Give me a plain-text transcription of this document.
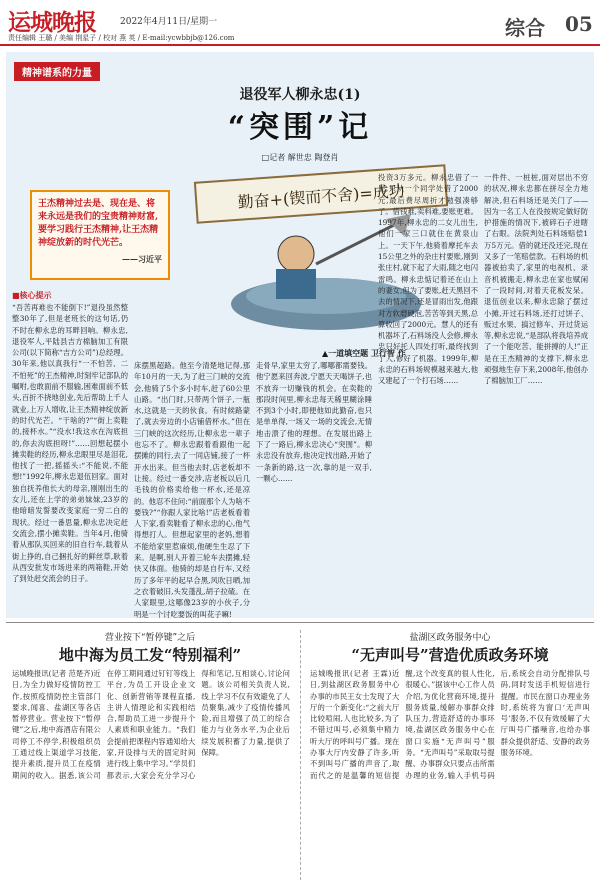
运城晚报	2022年4月11日/星期一	综合 05
责任编辑 王璐 / 美编 荆星子 / 校对 燕 英 / E-mail:ycwbbjb@126.com
精神谱系的力量
退役军人柳永忠(1)
“突围”记
□记者 解世忠 陶登肖
王杰精神过去是、现在是、将来永远是我们的宝贵精神财富,要学习践行王杰精神,让王杰精神绽放新的时代光芒。
——习近平
勤奋+(锲而不舍)=成功
▲一道填空题 卫行智 作
■核心提示
“吾苦再难也不能倒下!”退役虽然整整30年了,但是老班长的这句话,仍不时在柳永忠的耳畔回响。柳永忠,退役军人,平陆县吉方棉脑加工有限公司(以下简称“吉方公司”)总经理。30年来,他以真我行“一不怕苦、二不怕死”的王杰精神,时刻牢记部队的嘱咐,也敢面前不服输,困难面前不低头,百折不挠地创业,先后帮助上千人就业,上万人增收,让王杰精神绽放新的时代光芒。“干啥的?”“街上卖鞋的,接杯水。”“没水!我这水在沟底担的,你去沟底担呀!”……回想起摆小摊卖鞋的经历,柳永忠眼里尽是泪花,他找了一把,摇摇头:“不能说,不能想!”1992年,柳永忠退伍回家。面对独自抚养他长大的母亲,刚刚出生的女儿,还在上学的弟弟妹妹,23岁的他暗暗发誓要改变家庭一穷二白的现状。经过一番思量,柳永忠决定赶交流会,摆小摊卖鞋。当年4月,他骑着从那队买回来的旧自行车,载着从街上挣的,自己捆扎好的鲜丝草,耿着从西安批发市场进来的两箱鞋,开始了到处赶交流会的日子。
床摆黑超路。他至今清楚地记得,那年10月的一天,为了赶三门峡的交流会,他骑了5个多小时车,赶了60公里山路。“出门时,只带两个饼子,一瓶水,这就是一天的伙食。有时候路蒙了,就去旁边的小店铺借杯水。”但在三门峡的这次经历,让柳永忠一辈子也忘不了。柳永忠跟着看跟他一起摆摊的同行,去了一同店铺,接了一杯开水出来。但当他去时,店老板却不让接。经过一番交涉,店老板以后几毛钱的价格卖给他一杯水,还是凉的。他忍不住问:“前面那个人为啥不要钱?”“你跟人家比啥!”店老板看着人下家,看卖鞋看了柳永忠的心,他气得想打人。但想起家里的老妈,想着不能给家里惹麻烦,他硬生生忍了下来。是啊,别人开着三轮车去摆摊,轻快又体面。他骑的却是自行车,又经历了多年平的起早合黑,风吹日晒,加之衣着破旧,头发蓬乱,胡子拉碴。在人家眼里,这哪像23岁的小伙子,分明是一个讨吃要饭的叫花子嘛!
走骨早,家里太穷了,哪哪都需要钱。他宁愿来回奔波,宁愿天天喝饼子,也不放弃一切赚钱的机会。在卖鞋的那段时间里,柳永忠每天稀里糊涂睡不到3个小时,即便他如此勤奋,也只是单单得,一场又一场的交流会,无情地击溃了他的理想。在发展出路上下了一路后,柳永忠决心“突围”。柳永忠没有放弃,他决定找出路,开始了一条新的路,这一次,靠的是一双手,一颗心……
投资3万多元。柳永忠借了一屁,只从一个同学处借了2000元,最后费尽周折才勉强凑够了。借钱难,卖料难,要账更难。1997年,柳永忠的二女儿出生,他们一家三口就住在黄泉山上。一天下午,他骑着摩托车去15公里之外的杂庄村要账,刚到张庄村,就下起了大雨,随之电闪雷鸣。柳永忠惦记着还在山上的妻女,但为了要账,赶天黑回不去的情况下,还是冒雨出发,他跟对方软磨硬泡,苦苦等到天黑,总算收回了2000元。慧人的还有机器坏了,石料场没人会修,柳永忠只好托人四处打听,最终找到了人,修好了机器。1999年,柳永忠的石料场规模越来越大,他又建起了一个打石场……
一件件、一桩桩,面对层出不穷的状况,柳永忠都在拼尽全力地解决,但石料场还是关门了——因为一名工人在没按规定做好防护措施的情况下,被碎石子迸瞎了右眼。法院判处石料场赔偿1万5万元。借的就还没还完,现在又多了一笔赔偿款。石料场的机器被拍卖了,家里的电视机、录音机被搬走,柳永忠在家也赋闲了一段时间,对着天花板发呆。退伍创业以来,柳永忠除了摆过小摊,开过石料场,还打过饼子、贩过水果、搞过修车、开过货运等,柳永忠说,“是部队将我培养成了一个能吃苦、能拼搏的人!”正是在王杰精神的支撑下,柳永忠顽强地生存下来,2008年,他创办了棉脑加工厂……
营业按下“暂停键”之后
地中海为员工发“特别福利”
运城晚报讯(记者 范楚齐)近日,为全力做好疫情防控工作,按照疫情防控主管部门要求,闻喜、盐湖区等各店暂停营业。营业按下“暂停键”之后,地中海酒店有限公司停工不停学,积极组织员工通过线上渠道学习技能,提升素质,提升员工在疫情期间的收入。据悉,该公司在停工期间通过钉钉等线上平台,为员工开设企业文化、创新营销等课程直播,主讲人情理论和实践相结合,帮助员工进一步提升个人素质和职业能力。“我们会提前把课程内容通知给大家,开设排与天的固定时间进行线上集中学习。”学员们都表示,大家会充分学习心得和笔记,互相谈心,讨论问题。该公司相关负责人说,线上学习不仅有效避免了人员聚集,减少了疫情传播风险,而且增强了员工的综合能力与业务水平,为企业后续发展积蓄了力量,提供了保障。
盐湖区政务服务中心
“无声叫号”营造优质政务环境
运城晚报讯(记者 王霖)近日,到盐湖区政务服务中心办事的市民王女士发现了大厅的一个新变化:“之前大厅比较喧闹,人也比较多,为了不错过叫号,必须集中精力听大厅的呼叫号广播。现在办事大厅内安静了许多,听不到叫号广播的声音了,取而代之的是温馨的短信提醒,这个改变真的很人性化,很暖心。”据该中心工作人员介绍,为优化营商环境,提升服务质量,缓解办事群众排队压力,营造舒适的办事环境,盐湖区政务服务中心在窗口实施“无声叫号”服务。“无声叫号”采取取号提醒、办事群众只要点击所需办理的业务,输入手机号码后,系统会自动分配排队号码,同时发送手机短信进行提醒。市民在窗口办理业务时,系统将为窗口‘无声叫号’服务,不仅有效缓解了大厅叫号广播噪音,也给办事群众提供舒适、安静的政务服务环境。
